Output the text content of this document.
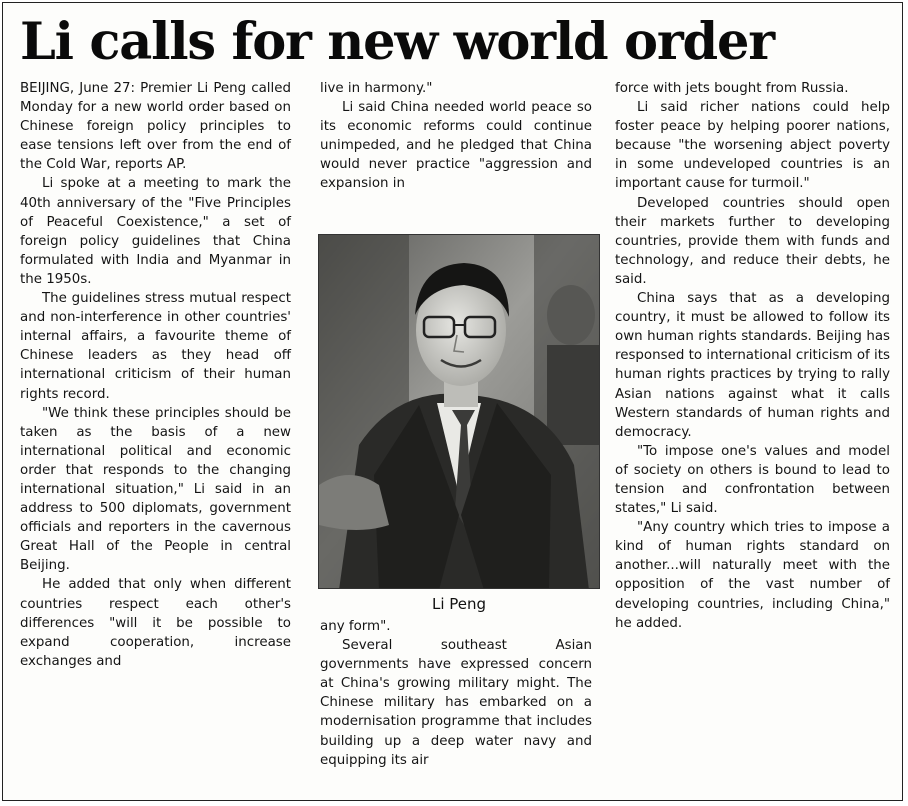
Li calls for new world order

BEIJING, June 27: Premier Li Peng called Monday for a new world order based on Chinese foreign policy principles to ease tensions left over from the end of the Cold War, reports AP.

Li spoke at a meeting to mark the 40th anniversary of the "Five Principles of Peaceful Coexistence," a set of foreign policy guidelines that China formulated with India and Myanmar in the 1950s.

The guidelines stress mutual respect and non-interference in other countries' internal affairs, a favourite theme of Chinese leaders as they head off international criticism of their human rights record.

"We think these principles should be taken as the basis of a new international political and economic order that responds to the changing international situation," Li said in an address to 500 diplomats, government officials and reporters in the cavernous Great Hall of the People in central Beijing.

He added that only when different countries respect each other's differences "will it be possible to expand cooperation, increase exchanges and

live in harmony."

Li said China needed world peace so its economic reforms could continue unimpeded, and he pledged that China would never practice "aggression and expansion in

Li Peng

any form".

Several southeast Asian governments have expressed concern at China's growing military might. The Chinese military has embarked on a modernisation programme that includes building up a deep water navy and equipping its air

force with jets bought from Russia.

Li said richer nations could help foster peace by helping poorer nations, because "the worsening abject poverty in some undeveloped countries is an important cause for turmoil."

Developed countries should open their markets further to developing countries, provide them with funds and technology, and reduce their debts, he said.

China says that as a developing country, it must be allowed to follow its own human rights standards. Beijing has responsed to international criticism of its human rights practices by trying to rally Asian nations against what it calls Western standards of human rights and democracy.

"To impose one's values and model of society on others is bound to lead to tension and confrontation between states," Li said.

"Any country which tries to impose a kind of human rights standard on another...will naturally meet with the opposition of the vast number of developing countries, including China," he added.
